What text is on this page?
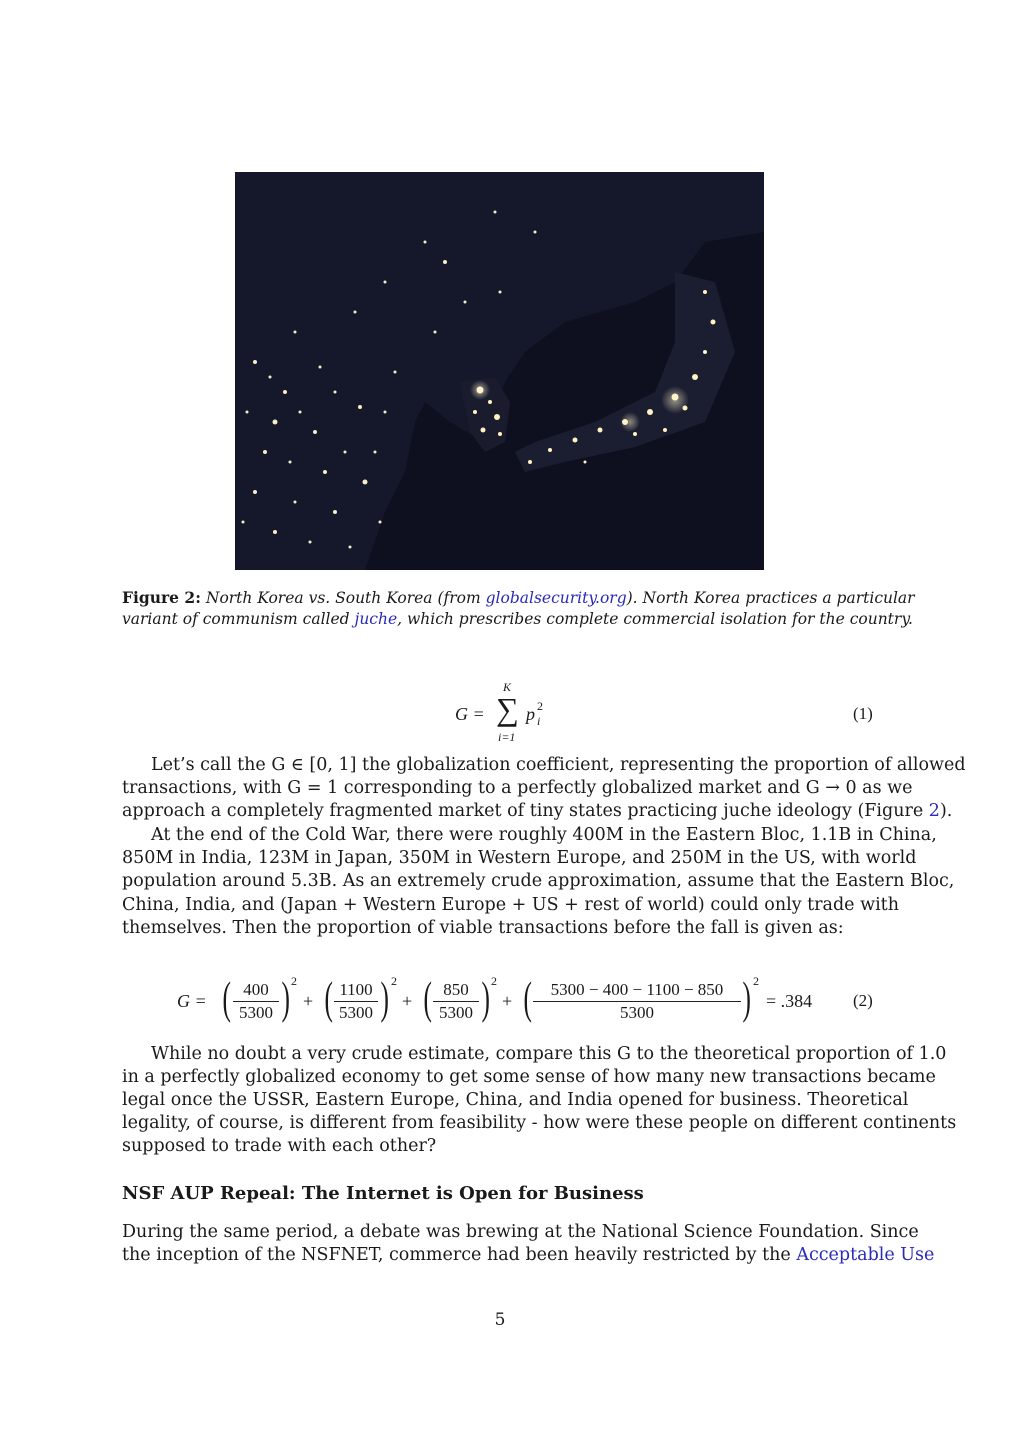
Figure 2: North Korea vs. South Korea (from globalsecurity.org). North Korea practices a particular
variant of communism called juche, which prescribes complete commercial isolation for the country.
G =
K
∑
i=1
p 2
i	(1)
Let’s call the G ∈ [0, 1] the globalization coefficient, representing the proportion of allowed
transactions, with G = 1 corresponding to a perfectly globalized market and G → 0 as we
approach a completely fragmented market of tiny states practicing juche ideology (Figure 2).
At the end of the Cold War, there were roughly 400M in the Eastern Bloc, 1.1B in China,
850M in India, 123M in Japan, 350M in Western Europe, and 250M in the US, with world
population around 5.3B. As an extremely crude approximation, assume that the Eastern Bloc,
China, India, and (Japan + Western Europe + US + rest of world) could only trade with
themselves. Then the proportion of viable transactions before the fall is given as:
G = ( 400
5300 ) 2
+ ( 1100
5300 ) 2
+ ( 850
5300 ) 2
+ (	5300 − 400 − 1100 − 850
5300	) 2
= .384 (2)
While no doubt a very crude estimate, compare this G to the theoretical proportion of 1.0
in a perfectly globalized economy to get some sense of how many new transactions became
legal once the USSR, Eastern Europe, China, and India opened for business. Theoretical
legality, of course, is different from feasibility - how were these people on different continents
supposed to trade with each other?
NSF AUP Repeal: The Internet is Open for Business
During the same period, a debate was brewing at the National Science Foundation. Since
the inception of the NSFNET, commerce had been heavily restricted by the Acceptable Use
5
